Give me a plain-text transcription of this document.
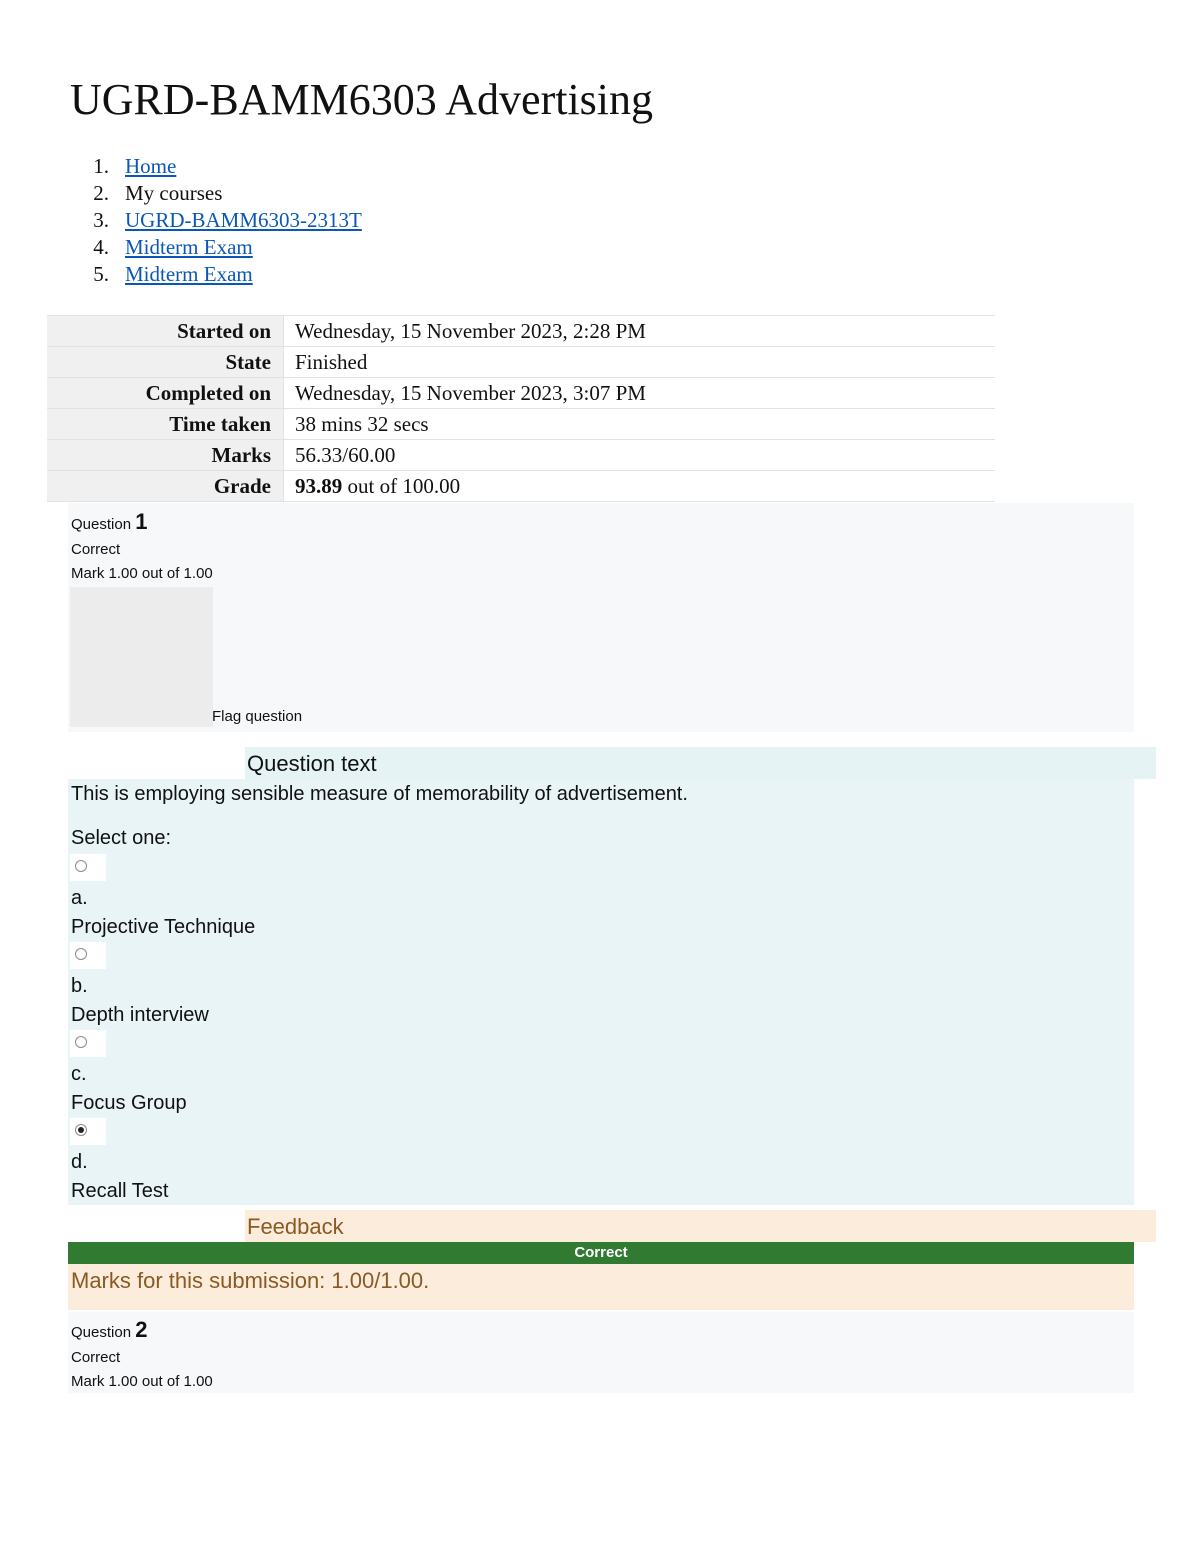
UGRD-BAMM6303 Advertising
1. Home
2. My courses
3. UGRD-BAMM6303-2313T
4. Midterm Exam
5. Midterm Exam
Started on	Wednesday, 15 November 2023, 2:28 PM
State	Finished
Completed on	Wednesday, 15 November 2023, 3:07 PM
Time taken	38 mins 32 secs
Marks	56.33/60.00
Grade	93.89 out of 100.00
Question 1
Correct
Mark 1.00 out of 1.00
Flag question
Question text
This is employing sensible measure of memorability of advertisement.
Select one:
a.
Projective Technique
b.
Depth interview
c.
Focus Group
d.
Recall Test
Feedback
Correct
Marks for this submission: 1.00/1.00.
Question 2
Correct
Mark 1.00 out of 1.00
